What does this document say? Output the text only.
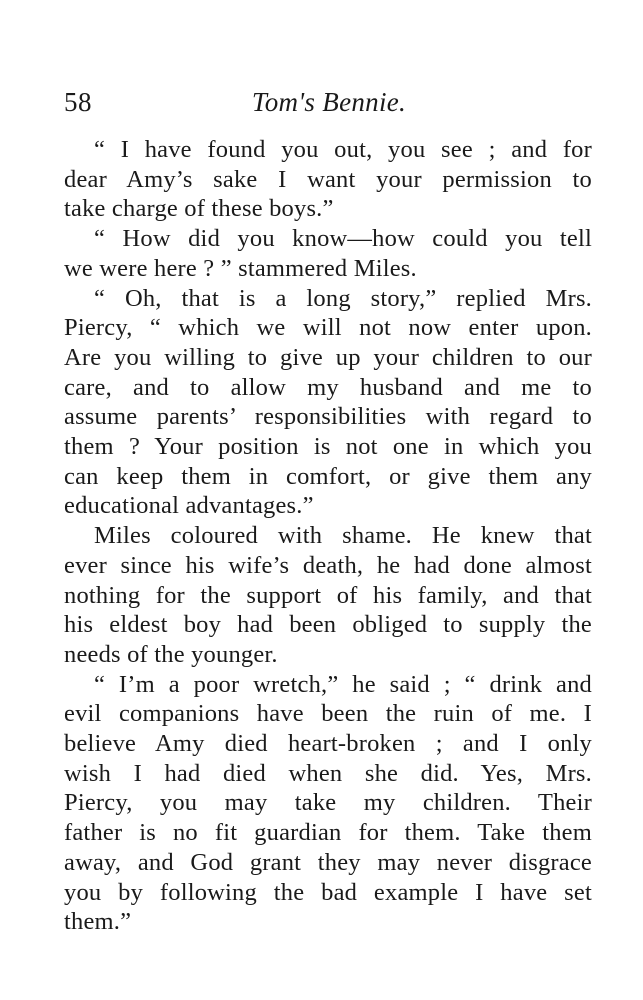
Tom's Bennie.
58
“ I have found you out, you see ; and for
dear Amy’s sake I want your permission to
take charge of these boys.”
“ How did you know—how could you tell
we were here ? ” stammered Miles.
“ Oh, that is a long story,” replied Mrs.
Piercy, “ which we will not now enter upon.
Are you willing to give up your children to our
care, and to allow my husband and me to
assume parents’ responsibilities with regard to
them ? Your position is not one in which you
can keep them in comfort, or give them any
educational advantages.”
Miles coloured with shame. He knew that
ever since his wife’s death, he had done almost
nothing for the support of his family, and that
his eldest boy had been obliged to supply the
needs of the younger.
“ I’m a poor wretch,” he said ; “ drink and
evil companions have been the ruin of me. I
believe Amy died heart-broken ; and I only
wish I had died when she did. Yes, Mrs.
Piercy, you may take my children. Their
father is no fit guardian for them. Take them
away, and God grant they may never disgrace
you by following the bad example I have set
them.”
